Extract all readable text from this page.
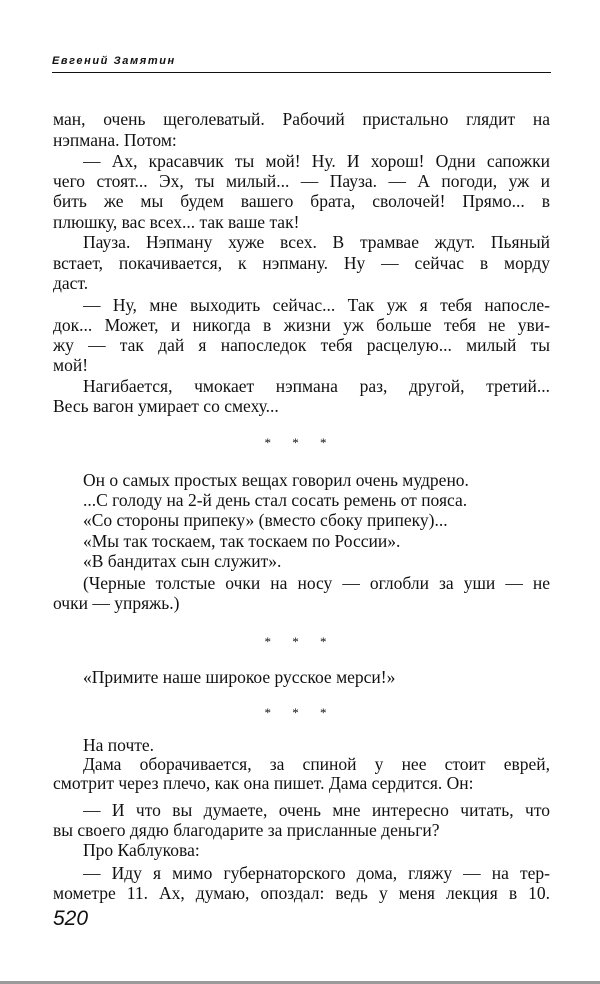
Евгений Замятин
ман, очень щеголеватый. Рабочий пристально глядит на
нэпмана. Потом:
— Ах, красавчик ты мой! Ну. И хорош! Одни сапожки
чего стоят... Эх, ты милый... — Пауза. — А погоди, уж и
бить же мы будем вашего брата, сволочей! Прямо... в
плюшку, вас всех... так ваше так!
Пауза. Нэпману хуже всех. В трамвае ждут. Пьяный
встает, покачивается, к нэпману. Ну — сейчас в морду
даст.
— Ну, мне выходить сейчас... Так уж я тебя напосле-
док... Может, и никогда в жизни уж больше тебя не уви-
жу — так дай я напоследок тебя расцелую... милый ты
мой!
Нагибается, чмокает нэпмана раз, другой, третий...
Весь вагон умирает со смеху...
Он о самых простых вещах говорил очень мудрено.
...С голоду на 2-й день стал сосать ремень от пояса.
«Со стороны припеку» (вместо сбоку припеку)...
«Мы так тоскаем, так тоскаем по России».
«В бандитах сын служит».
(Черные толстые очки на носу — оглобли за уши — не
очки — упряжь.)
«Примите наше широкое русское мерси!»
На почте.
Дама оборачивается, за спиной у нее стоит еврей,
смотрит через плечо, как она пишет. Дама сердится. Он:
— И что вы думаете, очень мне интересно читать, что
вы своего дядю благодарите за присланные деньги?
Про Каблукова:
— Иду я мимо губернаторского дома, гляжу — на тер-
мометре 11. Ах, думаю, опоздал: ведь у меня лекция в 10.
* * *
* * *
* * *
520
